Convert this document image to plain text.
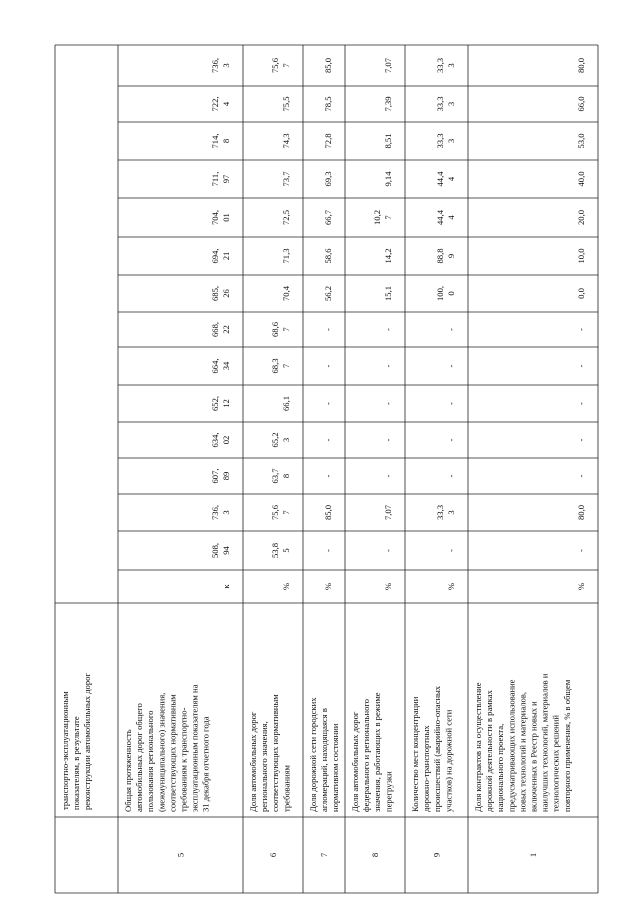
транспортно-эксплуатационнымпоказателям, в результатереконструкции автомобильных дорог
5
Общая протяженностьавтомобильных дорог общегопользования регионального(межмуниципального) значения,соответствующих нормативнымтребованиям к транспортно-эксплуатационным показателям на31 декабря отчетного года
к
508,94
736,3
607,89
634,02
652,12
664,34
668,22
685,26
694,21
704,01
711,97
714,8
722,4
736,3
6
Доля автомобильных дорогрегионального значения,соответствующих нормативнымтребованиям
%
53,85
75,67
63,78
65,23
66,1
68,37
68,67
70,4
71,3
72,5
73,7
74,3
75,5
75,67
7
Доля дорожной сети городскихагломераций, находящаяся внормативном состоянии
%
-
85,0
-
-
-
-
-
56,2
58,6
66,7
69,3
72,8
78,5
85,0
8
Доля автомобильных дорогфедерального и региональногозначения, работающих в режимеперегрузки
%
-
7,07
-
-
-
-
-
15,1
14,2
10,27
9,14
8,51
7,39
7,07
9
Количество мест концентрациидорожно-транспортныхпроисшествий (аварийно-опасныхучастков) на дорожной сети
%
-
33,33
-
-
-
-
-
100,0
88,89
44,44
44,44
33,33
33,33
33,33
1
Доля контрактов на осуществлениедорожной деятельности в рамкахнационального проекта,предусматривающих использованиеновых технологий и материалов,включенных в Реестр новых инаилучших технологий, материалов итехнологических решенийповторного применения, % в общем
%
-
80,0
-
-
-
-
-
0,0
10,0
20,0
40,0
53,0
66,0
80,0
